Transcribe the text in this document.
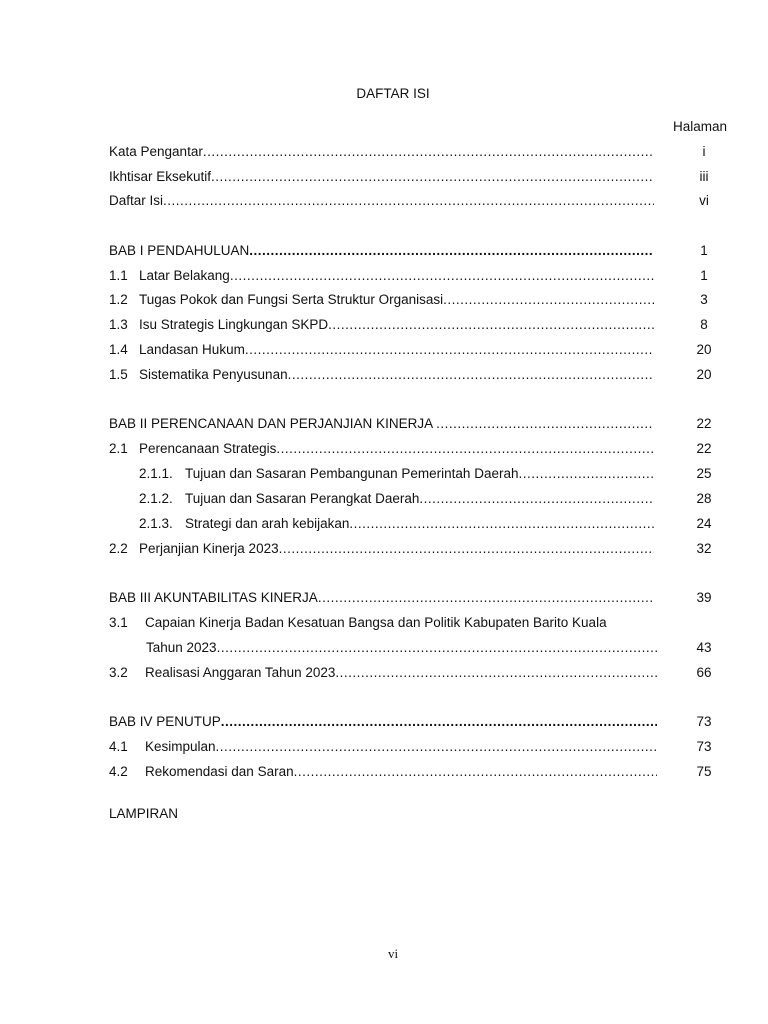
DAFTAR ISI
Halaman
Kata Pengantar .....	i
Ikhtisar Eksekutif .....	iii
Daftar Isi .....	vi
BAB I PENDAHULUAN .....	1
1.1 Latar Belakang .....	1
1.2 Tugas Pokok dan Fungsi Serta Struktur Organisasi .....	3
1.3 Isu Strategis Lingkungan SKPD .....	8
1.4 Landasan Hukum .....	20
1.5 Sistematika Penyusunan .....	20
BAB II PERENCANAAN DAN PERJANJIAN KINERJA .....	22
2.1 Perencanaan Strategis .....	22
2.1.1. Tujuan dan Sasaran Pembangunan Pemerintah Daerah .....	25
2.1.2. Tujuan dan Sasaran Perangkat Daerah .....	28
2.1.3. Strategi dan arah kebijakan .....	24
2.2 Perjanjian Kinerja 2023 .....	32
BAB III AKUNTABILITAS KINERJA .....	39
3.1 Capaian Kinerja Badan Kesatuan Bangsa dan Politik Kabupaten Barito Kuala
Tahun 2023 .....	43
3.2 Realisasi Anggaran Tahun 2023 .....	66
BAB IV PENUTUP .....	73
4.1 Kesimpulan .....	73
4.2 Rekomendasi dan Saran .....	75
LAMPIRAN
vi
